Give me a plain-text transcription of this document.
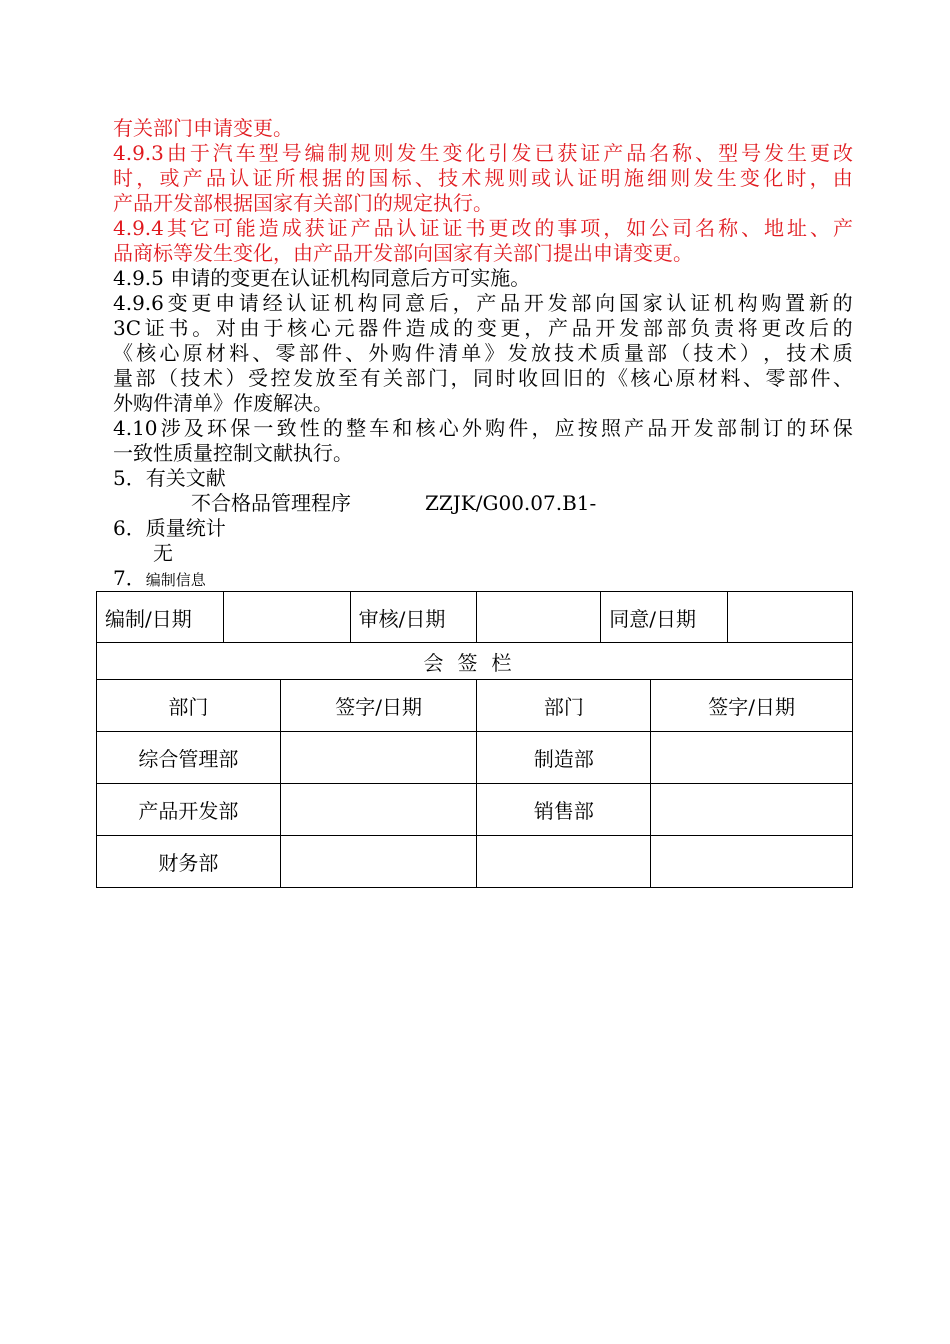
有关部门申请变更。
4.9.3 由 于 汽 车 型 号 编 制 规 则 发 生 变 化 引 发 已 获 证 产 品 名 称 、 型 号 发 生 更 改
时 ， 或 产 品 认 证 所 根 据 的 国 标 、 技 术 规 则 或 认 证 明 施 细 则 发 生 变 化 时 ， 由
产品开发部根据国家有关部门的规定执行。
4.9.4 其 它 可 能 造 成 获 证 产 品 认 证 证 书 更 改 的 事 项 ， 如 公 司 名 称 、 地 址 、 产
品商标等发生变化，由产品开发部向国家有关部门提出申请变更。
4.9.5 申请的变更在认证机构同意后方可实施。
4.9.6 变 更 申 请 经 认 证 机 构 同 意 后 ， 产 品 开 发 部 向 国 家 认 证 机 构 购 置 新 的
3C 证 书 。 对 由 于 核 心 元 器 件 造 成 的 变 更 ， 产 品 开 发 部 部 负 责 将 更 改 后 的
《 核 心 原 材 料 、 零 部 件 、 外 购 件 清 单 》 发 放 技 术 质 量 部 （ 技 术 ） ， 技 术 质
量 部 （ 技 术 ） 受 控 发 放 至 有 关 部 门 ， 同 时 收 回 旧 的 《 核 心 原 材 料 、 零 部 件 、
外购件清单》作废解决。
4.10 涉 及 环 保 一 致 性 的 整 车 和 核 心 外 购 件 ， 应 按 照 产 品 开 发 部 制 订 的 环 保
一致性质量控制文献执行。
5．有关文献
不合格品管理程序	ZZJK/G00.07.B1-
6．质量统计
无
7．编制信息
编制/日期			审核/日期		同意/日期		
会签栏							
部门		签字/日期		部门		签字/日期	
综合管理部				制造部			
产品开发部				销售部			
财务部							
